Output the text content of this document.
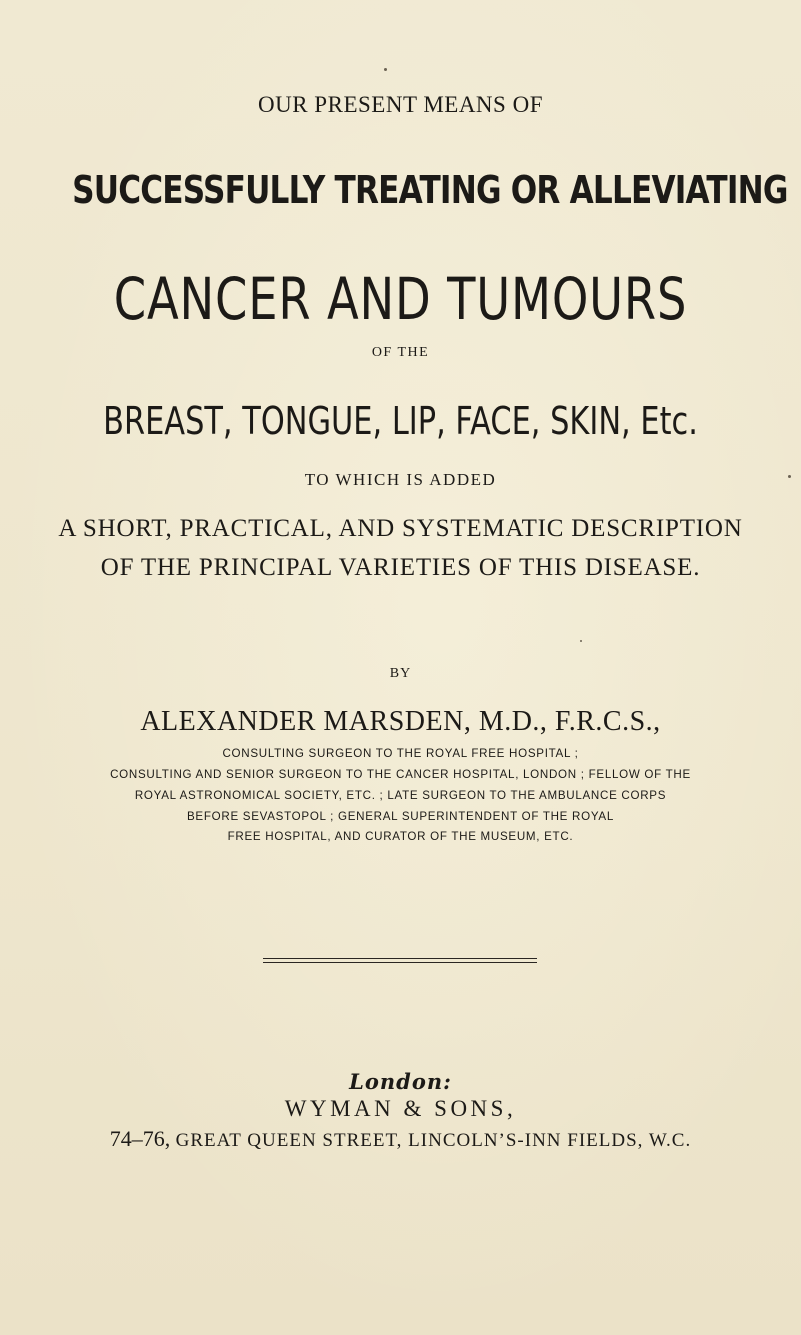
OUR PRESENT MEANS OF
SUCCESSFULLY TREATING OR ALLEVIATING
CANCER AND TUMOURS
OF THE
BREAST, TONGUE, LIP, FACE, SKIN, Etc.
TO WHICH IS ADDED
A SHORT, PRACTICAL, AND SYSTEMATIC DESCRIPTION
OF THE PRINCIPAL VARIETIES OF THIS DISEASE.
BY
ALEXANDER MARSDEN, M.D., F.R.C.S.,
CONSULTING SURGEON TO THE ROYAL FREE HOSPITAL ;
CONSULTING AND SENIOR SURGEON TO THE CANCER HOSPITAL, LONDON ; FELLOW OF THE
ROYAL ASTRONOMICAL SOCIETY, ETC. ; LATE SURGEON TO THE AMBULANCE CORPS
BEFORE SEVASTOPOL ; GENERAL SUPERINTENDENT OF THE ROYAL
FREE HOSPITAL, AND CURATOR OF THE MUSEUM, ETC.
London:
WYMAN & SONS,
74–76, GREAT QUEEN STREET, LINCOLN’S-INN FIELDS, W.C.
